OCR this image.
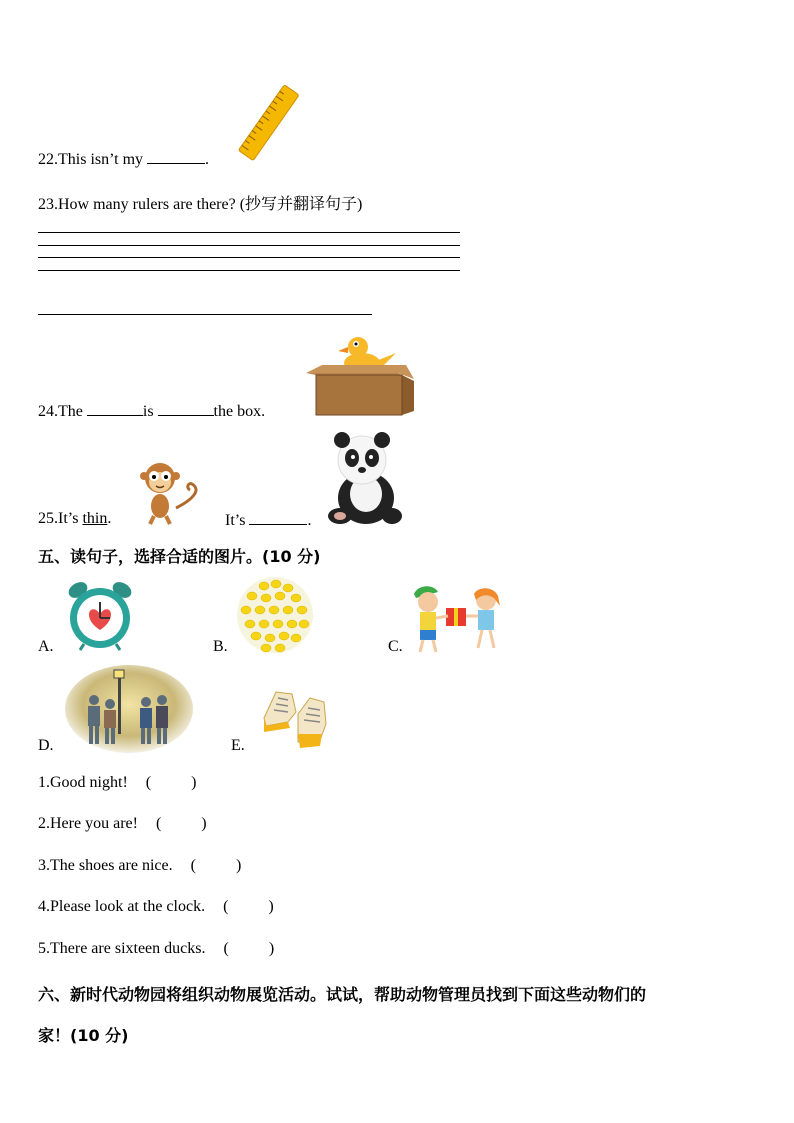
22.This isn’t my	.
23.How many rulers are there? (抄写并翻译句子)
24.The	is	the box.
25.It’s thin.	It’s	.
五、读句子，选择合适的图片。(10 分)
A.	B.	C.
D.	E.
1.Good night! (          )
2.Here you are! (          )
3.The shoes are nice. (          )
4.Please look at the clock. (          )
5.There are sixteen ducks. (          )
六、新时代动物园将组织动物展览活动。试试，帮助动物管理员找到下面这些动物们的
家！(10 分)
